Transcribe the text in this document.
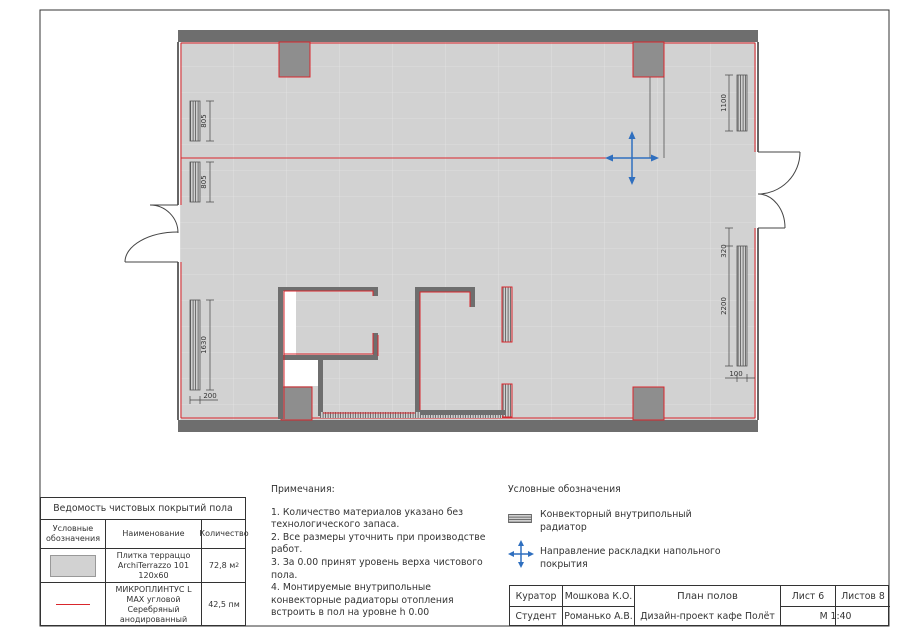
805
805
1630
200
1100
320
2200
100
Ведомость чистовых покрытий пола
Условные обозначения
Наименование	Количество
Плитка терраццо ArchiTerrazzo 101 120х60
72,8 м 2
МИКРОПЛИНТУС L MAX угловой Серебряный анодированный
42,5 пм

Примечания:

1. Количество материалов указано без технологического запаса.

2. Все размеры уточнить при производстве работ.

3. За 0.00 принят уровень верха чистового пола.

4. Монтируемые внутрипольные конвекторные радиаторы отопления встроить в пол на уровне h 0.00

Условные обозначения
Конвекторный внутрипольный радиатор
Направление раскладки напольного покрытия
Куратор Мошкова К.О.
Студент Романько А.В.
План полов
Дизайн-проект кафе Полёт
Лист 6	Листов 8
М 1:40
